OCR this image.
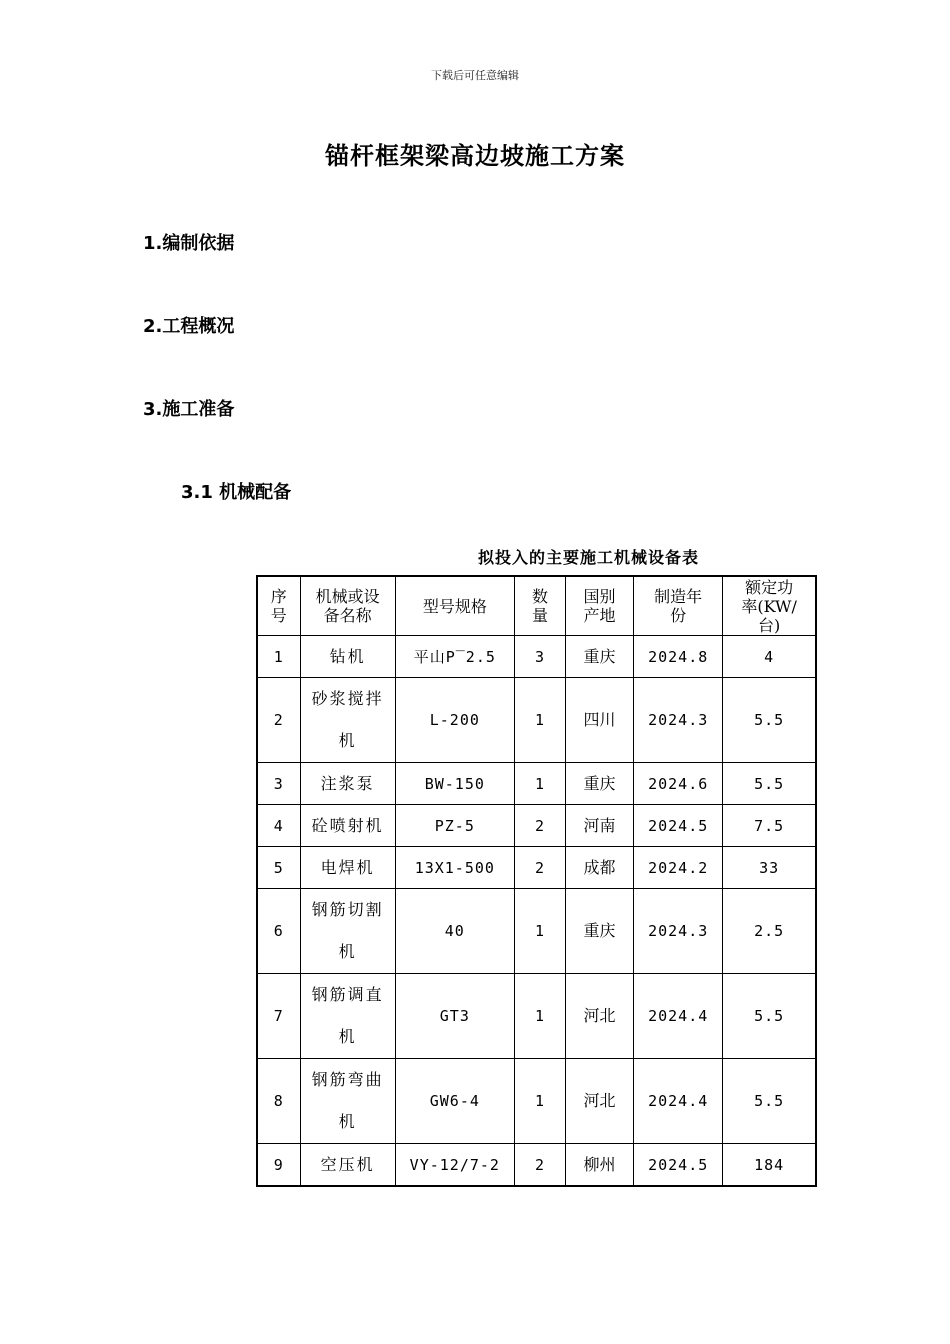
下载后可任意编辑
锚杆框架梁高边坡施工方案
1.编制依据
2.工程概况
3.施工准备
3.1 机械配备
拟投入的主要施工机械设备表
序号	机械或设备名称	型号规格	数量	国别产地	制造年份	额定功率(KW/台)
1	钻机	平山P‾2.5	3	重庆	2024.8	4
2	砂浆搅拌机	L-200	1	四川	2024.3	5.5
3	注浆泵	BW-150	1	重庆	2024.6	5.5
4	砼喷射机	PZ-5	2	河南	2024.5	7.5
5	电焊机	13X1-500	2	成都	2024.2	33
6	钢筋切割机	40	1	重庆	2024.3	2.5
7	钢筋调直机	GT3	1	河北	2024.4	5.5
8	钢筋弯曲机	GW6-4	1	河北	2024.4	5.5
9	空压机	VY-12/7-2	2	柳州	2024.5	184
